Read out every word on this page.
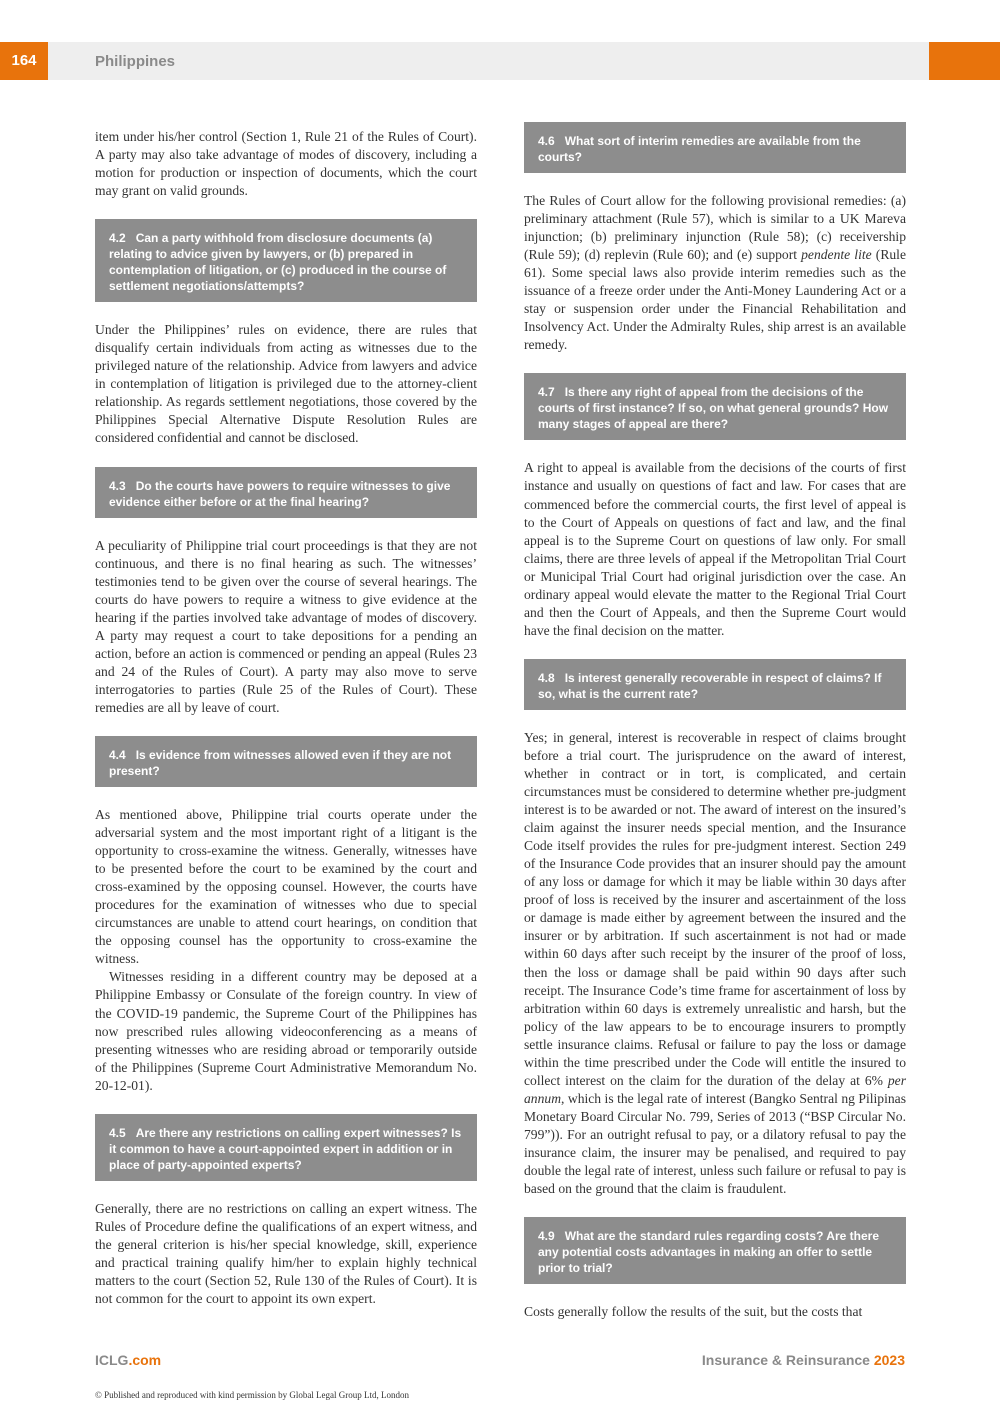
164	Philippines

item under his/her control (Section 1, Rule 21 of the Rules of Court). A party may also take advantage of modes of discovery, including a motion for production or inspection of documents, which the court may grant on valid grounds.

4.2 Can a party withhold from disclosure documents (a) relating to advice given by lawyers, or (b) prepared in contemplation of litigation, or (c) produced in the course of settlement negotiations/attempts?

Under the Philippines’ rules on evidence, there are rules that disqualify certain individuals from acting as witnesses due to the privileged nature of the relationship. Advice from lawyers and advice in contemplation of litigation is privileged due to the attorney-client relationship. As regards settlement negotiations, those covered by the Philippines Special Alternative Dispute Resolution Rules are considered confidential and cannot be disclosed.

4.3 Do the courts have powers to require witnesses to give evidence either before or at the final hearing?

A peculiarity of Philippine trial court proceedings is that they are not continuous, and there is no final hearing as such. The witnesses’ testimonies tend to be given over the course of several hearings. The courts do have powers to require a witness to give evidence at the hearing if the parties involved take advantage of modes of discovery. A party may request a court to take depositions for a pending an action, before an action is commenced or pending an appeal (Rules 23 and 24 of the Rules of Court). A party may also move to serve interrogatories to parties (Rule 25 of the Rules of Court). These remedies are all by leave of court.

4.4 Is evidence from witnesses allowed even if they are not present?

As mentioned above, Philippine trial courts operate under the adversarial system and the most important right of a litigant is the opportunity to cross-examine the witness. Generally, witnesses have to be presented before the court to be examined by the court and cross-examined by the opposing counsel. However, the courts have procedures for the examination of witnesses who due to special circumstances are unable to attend court hearings, on condition that the opposing counsel has the opportunity to cross-examine the witness.

Witnesses residing in a different country may be deposed at a Philippine Embassy or Consulate of the foreign country. In view of the COVID-19 pandemic, the Supreme Court of the Philippines has now prescribed rules allowing videoconferencing as a means of presenting witnesses who are residing abroad or temporarily outside of the Philippines (Supreme Court Administrative Memorandum No. 20-12-01).

4.5 Are there any restrictions on calling expert witnesses? Is it common to have a court-appointed expert in addition or in place of party-appointed experts?

Generally, there are no restrictions on calling an expert witness. The Rules of Procedure define the qualifications of an expert witness, and the general criterion is his/her special knowledge, skill, experience and practical training qualify him/her to explain highly technical matters to the court (Section 52, Rule 130 of the Rules of Court). It is not common for the court to appoint its own expert.

4.6 What sort of interim remedies are available from the courts?

The Rules of Court allow for the following provisional remedies: (a) preliminary attachment (Rule 57), which is similar to a UK Mareva injunction; (b) preliminary injunction (Rule 58); (c) receivership (Rule 59); (d) replevin (Rule 60); and (e) support pendente lite (Rule 61). Some special laws also provide interim remedies such as the issuance of a freeze order under the Anti-Money Laundering Act or a stay or suspension order under the Financial Rehabilitation and Insolvency Act. Under the Admiralty Rules, ship arrest is an available remedy.

4.7 Is there any right of appeal from the decisions of the courts of first instance? If so, on what general grounds? How many stages of appeal are there?

A right to appeal is available from the decisions of the courts of first instance and usually on questions of fact and law. For cases that are commenced before the commercial courts, the first level of appeal is to the Court of Appeals on questions of fact and law, and the final appeal is to the Supreme Court on questions of law only. For small claims, there are three levels of appeal if the Metropolitan Trial Court or Municipal Trial Court had original jurisdiction over the case. An ordinary appeal would elevate the matter to the Regional Trial Court and then the Court of Appeals, and then the Supreme Court would have the final decision on the matter.

4.8 Is interest generally recoverable in respect of claims? If so, what is the current rate?

Yes; in general, interest is recoverable in respect of claims brought before a trial court. The jurisprudence on the award of interest, whether in contract or in tort, is complicated, and certain circumstances must be considered to determine whether pre-judgment interest is to be awarded or not. The award of interest on the insured’s claim against the insurer needs special mention, and the Insurance Code itself provides the rules for pre-judgment interest. Section 249 of the Insurance Code provides that an insurer should pay the amount of any loss or damage for which it may be liable within 30 days after proof of loss is received by the insurer and ascertainment of the loss or damage is made either by agreement between the insured and the insurer or by arbitration. If such ascertainment is not had or made within 60 days after such receipt by the insurer of the proof of loss, then the loss or damage shall be paid within 90 days after such receipt. The Insurance Code’s time frame for ascertainment of loss by arbitration within 60 days is extremely unrealistic and harsh, but the policy of the law appears to be to encourage insurers to promptly settle insurance claims. Refusal or failure to pay the loss or damage within the time prescribed under the Code will entitle the insured to collect interest on the claim for the duration of the delay at 6% per annum, which is the legal rate of interest (Bangko Sentral ng Pilipinas Monetary Board Circular No. 799, Series of 2013 (“BSP Circular No. 799”)). For an outright refusal to pay, or a dilatory refusal to pay the insurance claim, the insurer may be penalised, and required to pay double the legal rate of interest, unless such failure or refusal to pay is based on the ground that the claim is fraudulent.

4.9 What are the standard rules regarding costs? Are there any potential costs advantages in making an offer to settle prior to trial?

Costs generally follow the results of the suit, but the costs that

ICLG.com	Insurance & Reinsurance 2023
© Published and reproduced with kind permission by Global Legal Group Ltd, London
